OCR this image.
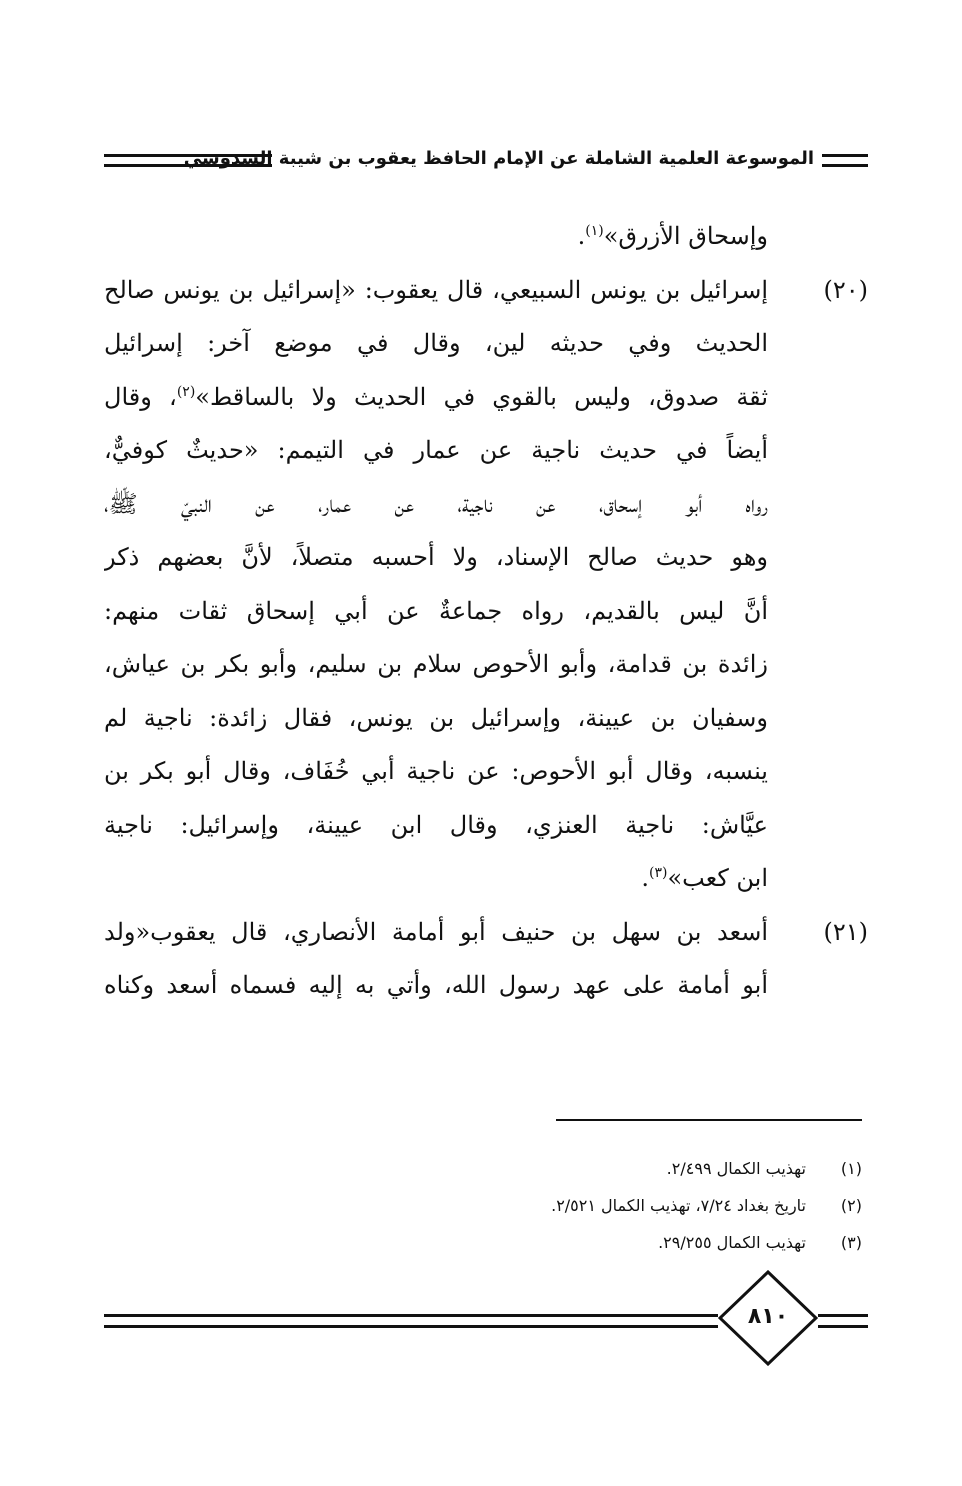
الموسوعة العلمية الشاملة عن الإمام الحافظ يعقوب بن شيبة السدوسي
وإسحاق الأزرق»$^{(١)}$.
(٢٠)
إسرائيل بن يونس السبيعي، قال يعقوب: «إسرائيل بن يونس صالح
الحديث وفي حديثه لين، وقال في موضع آخر: إسرائيل
ثقة صدوق، وليس بالقوي في الحديث ولا بالساقط»$^{(٢)}$، وقال
أيضاً في حديث ناجية عن عمار في التيمم: «حديثٌ كوفيٌّ،
رواه أبو إسحاق، عن ناجية، عن عمار، عن النبيّ ﷺ،
وهو حديث صالح الإسناد، ولا أحسبه متصلاً، لأنَّ بعضهم ذكر
أنَّ ليس بالقديم، رواه جماعةٌ عن أبي إسحاق ثقات منهم:
زائدة بن قدامة، وأبو الأحوص سلام بن سليم، وأبو بكر بن عياش،
وسفيان بن عيينة، وإسرائيل بن يونس، فقال زائدة: ناجية لم
ينسبه، وقال أبو الأحوص: عن ناجية أبي خُفَاف، وقال أبو بكر بن
عيَّاش: ناجية العنزي، وقال ابن عيينة، وإسرائيل: ناجية
ابن كعب»$^{(٣)}$.
(٢١)
أسعد بن سهل بن حنيف أبو أمامة الأنصاري، قال يعقوب«ولد
أبو أمامة على عهد رسول الله، وأتي به إليه فسماه أسعد وكناه
(١)
تهذيب الكمال ٢/٤٩٩.
(٢)
تاريخ بغداد ٧/٢٤، تهذيب الكمال ٢/٥٢١.
(٣)
تهذيب الكمال ٢٩/٢٥٥.
٨١٠
